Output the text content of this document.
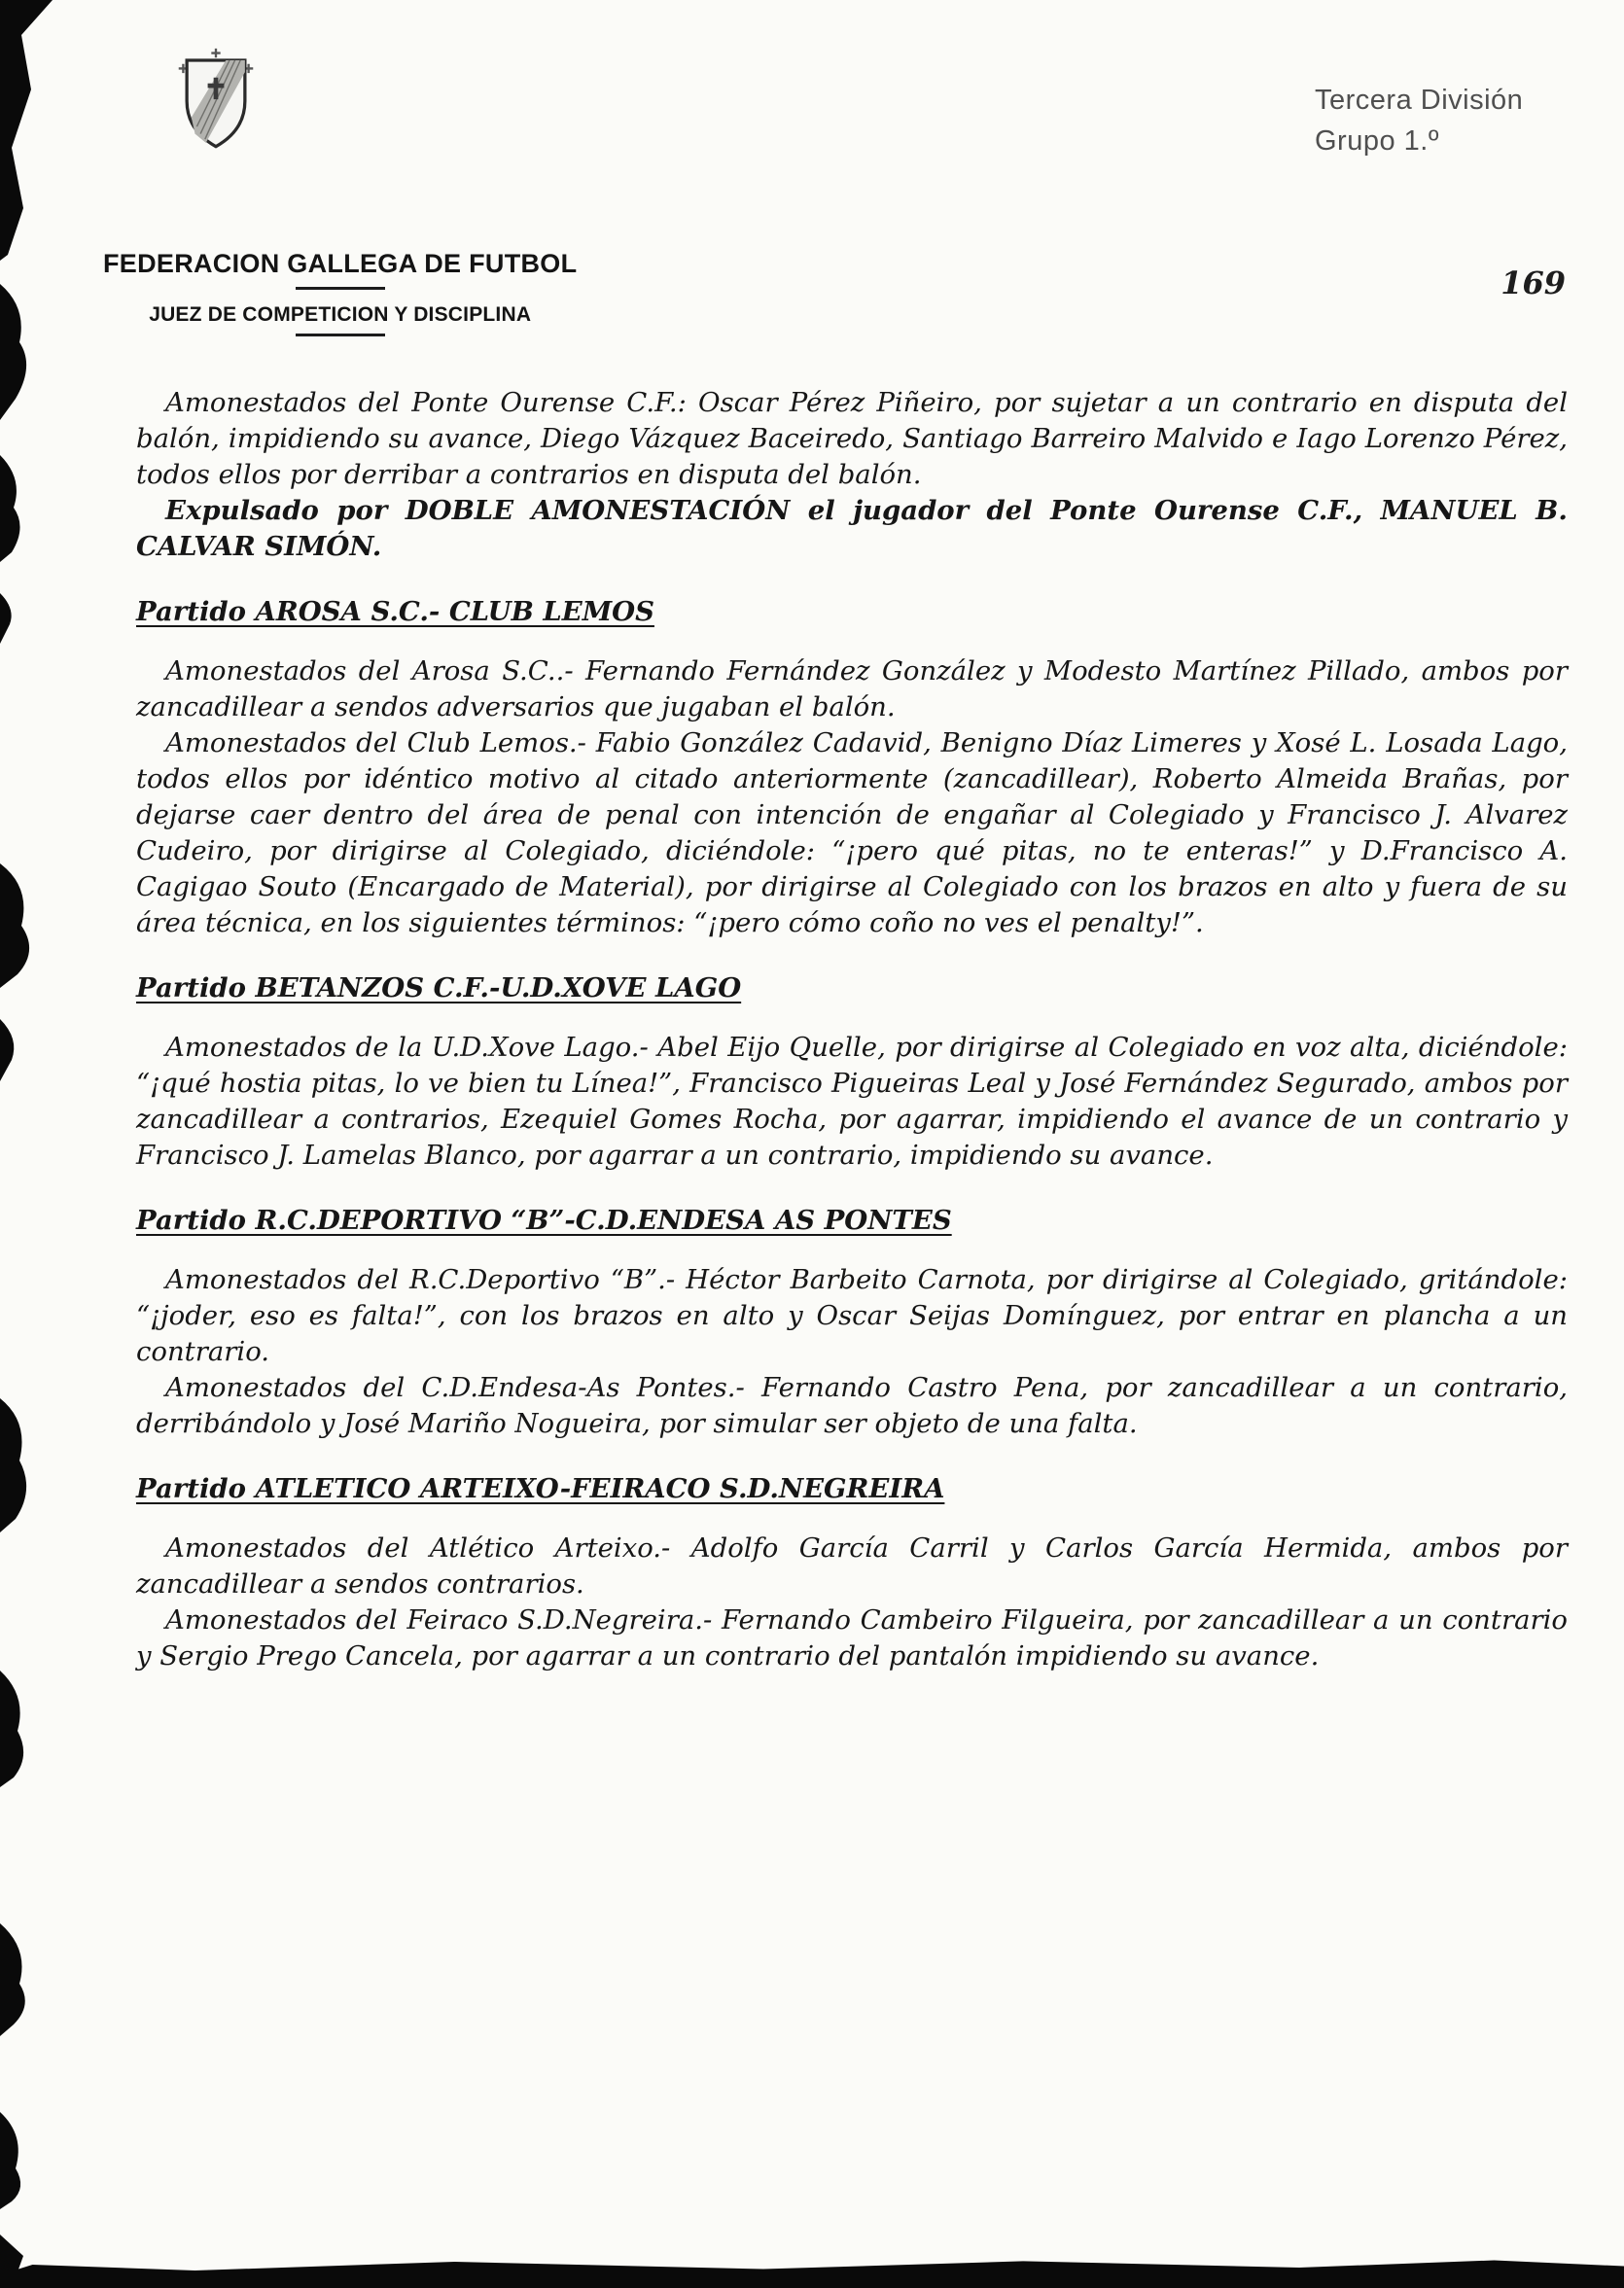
Tercera División
Grupo 1.º
FEDERACION GALLEGA DE FUTBOL
JUEZ DE COMPETICION Y DISCIPLINA
169

Amonestados del Ponte Ourense C.F.: Oscar Pérez Piñeiro, por sujetar a un contrario en disputa del balón, impidiendo su avance, Diego Vázquez Baceiredo, Santiago Barreiro Malvido e Iago Lorenzo Pérez, todos ellos por derribar a contrarios en disputa del balón.

Expulsado por DOBLE AMONESTACIÓN el jugador del Ponte Ourense C.F., MANUEL B. CALVAR SIMÓN.

Partido AROSA S.C.- CLUB LEMOS

Amonestados del Arosa S.C..- Fernando Fernández González y Modesto Martínez Pillado, ambos por zancadillear a sendos adversarios que jugaban el balón.

Amonestados del Club Lemos.- Fabio González Cadavid, Benigno Díaz Limeres y Xosé L. Losada Lago, todos ellos por idéntico motivo al citado anteriormente (zancadillear), Roberto Almeida Brañas, por dejarse caer dentro del área de penal con intención de engañar al Colegiado y Francisco J. Alvarez Cudeiro, por dirigirse al Colegiado, diciéndole: “¡pero qué pitas, no te enteras!” y D.Francisco A. Cagigao Souto (Encargado de Material), por dirigirse al Colegiado con los brazos en alto y fuera de su área técnica, en los siguientes términos: “¡pero cómo coño no ves el penalty!”.

Partido BETANZOS C.F.-U.D.XOVE LAGO

Amonestados de la U.D.Xove Lago.- Abel Eijo Quelle, por dirigirse al Colegiado en voz alta, diciéndole: “¡qué hostia pitas, lo ve bien tu Línea!”, Francisco Pigueiras Leal y José Fernández Segurado, ambos por zancadillear a contrarios, Ezequiel Gomes Rocha, por agarrar, impidiendo el avance de un contrario y Francisco J. Lamelas Blanco, por agarrar a un contrario, impidiendo su avance.

Partido R.C.DEPORTIVO “B”-C.D.ENDESA AS PONTES

Amonestados del R.C.Deportivo “B”.- Héctor Barbeito Carnota, por dirigirse al Colegiado, gritándole: “¡joder, eso es falta!”, con los brazos en alto y Oscar Seijas Domínguez, por entrar en plancha a un contrario.

Amonestados del C.D.Endesa-As Pontes.- Fernando Castro Pena, por zancadillear a un contrario, derribándolo y José Mariño Nogueira, por simular ser objeto de una falta.

Partido ATLETICO ARTEIXO-FEIRACO S.D.NEGREIRA

Amonestados del Atlético Arteixo.- Adolfo García Carril y Carlos García Hermida, ambos por zancadillear a sendos contrarios.

Amonestados del Feiraco S.D.Negreira.- Fernando Cambeiro Filgueira, por zancadillear a un contrario y Sergio Prego Cancela, por agarrar a un contrario del pantalón impidiendo su avance.
